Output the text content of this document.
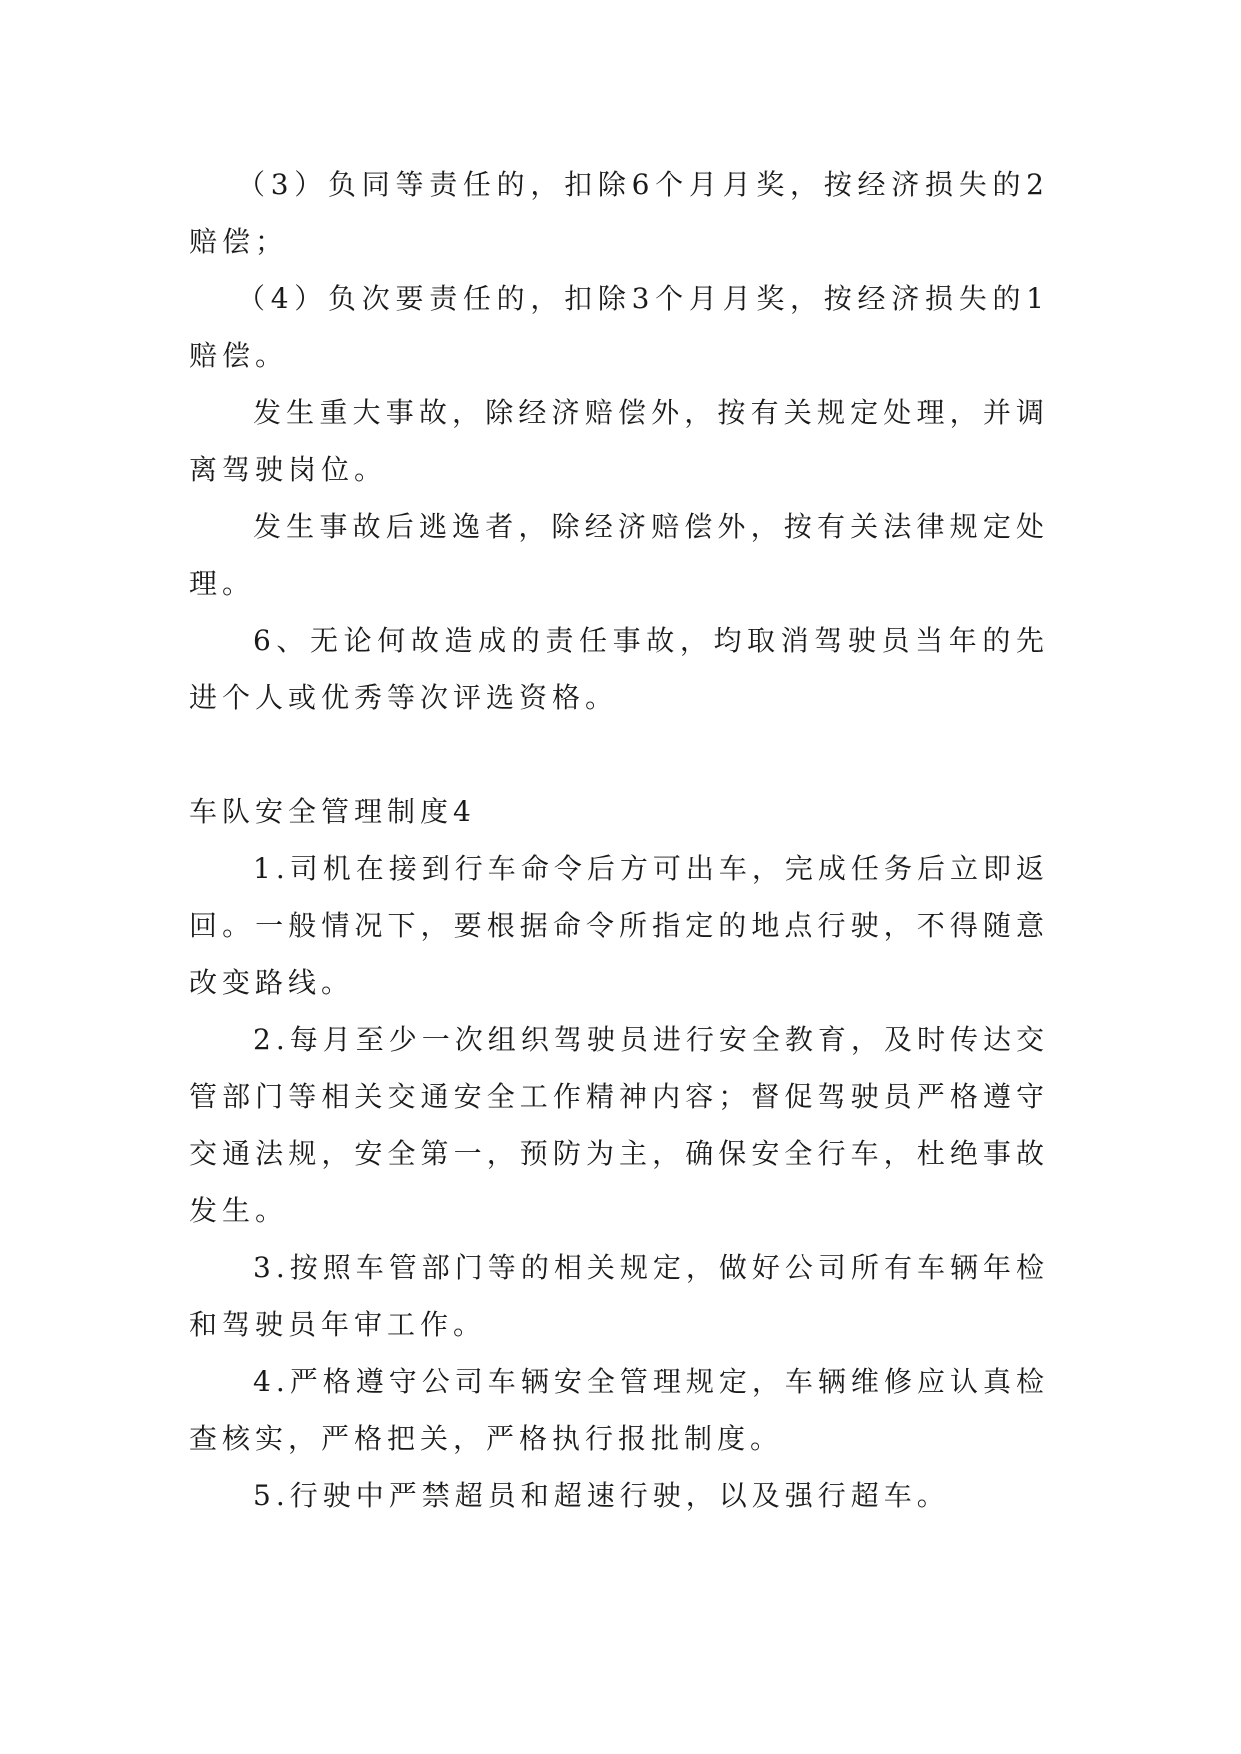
（3）负同等责任的，扣除6个月月奖，按经济损失的2赔偿；

（4）负次要责任的，扣除3个月月奖，按经济损失的1赔偿。

发生重大事故，除经济赔偿外，按有关规定处理，并调离驾驶岗位。

发生事故后逃逸者，除经济赔偿外，按有关法律规定处理。

6、无论何故造成的责任事故，均取消驾驶员当年的先进个人或优秀等次评选资格。

车队安全管理制度4

1.司机在接到行车命令后方可出车，完成任务后立即返回。一般情况下，要根据命令所指定的地点行驶，不得随意改变路线。

2.每月至少一次组织驾驶员进行安全教育，及时传达交管部门等相关交通安全工作精神内容；督促驾驶员严格遵守交通法规，安全第一，预防为主，确保安全行车，杜绝事故发生。

3.按照车管部门等的相关规定，做好公司所有车辆年检和驾驶员年审工作。

4.严格遵守公司车辆安全管理规定，车辆维修应认真检查核实，严格把关，严格执行报批制度。

5.行驶中严禁超员和超速行驶，以及强行超车。
